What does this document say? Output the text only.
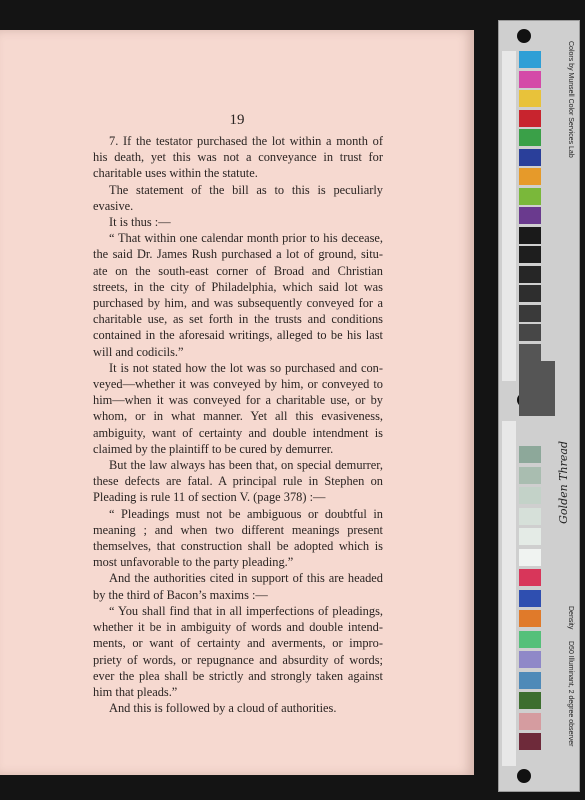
19

7. If the testator purchased the lot within a month of his death, yet this was not a conveyance in trust for charitable uses within the statute.

The statement of the bill as to this is peculiarly evasive.

It is thus :—

“ That within one calendar month prior to his decease, the said Dr. James Rush purchased a lot of ground, situ-ate on the south-east corner of Broad and Christian streets, in the city of Philadelphia, which said lot was purchased by him, and was subsequently conveyed for a charitable use, as set forth in the trusts and conditions contained in the aforesaid writings, alleged to be his last will and codicils.”

It is not stated how the lot was so purchased and con-veyed—whether it was conveyed by him, or conveyed to him—when it was conveyed for a charitable use, or by whom, or in what manner. Yet all this evasiveness, ambiguity, want of certainty and double intendment is claimed by the plaintiff to be cured by demurrer.

But the law always has been that, on special demurrer, these defects are fatal. A principal rule in Stephen on Pleading is rule 11 of section V. (page 378) :—

“ Pleadings must not be ambiguous or doubtful in meaning ; and when two different meanings present themselves, that construction shall be adopted which is most unfavorable to the party pleading.”

And the authorities cited in support of this are headed by the third of Bacon’s maxims :—

“ You shall find that in all imperfections of pleadings, whether it be in ambiguity of words and double intend-ments, or want of certainty and averments, or impro-priety of words, or repugnance and absurdity of words; ever the plea shall be strictly and strongly taken against him that pleads.”

And this is followed by a cloud of authorities.

Colors by Munsell Color Services Lab
Golden Thread
Density
D50 Illuminant, 2 degree observer
